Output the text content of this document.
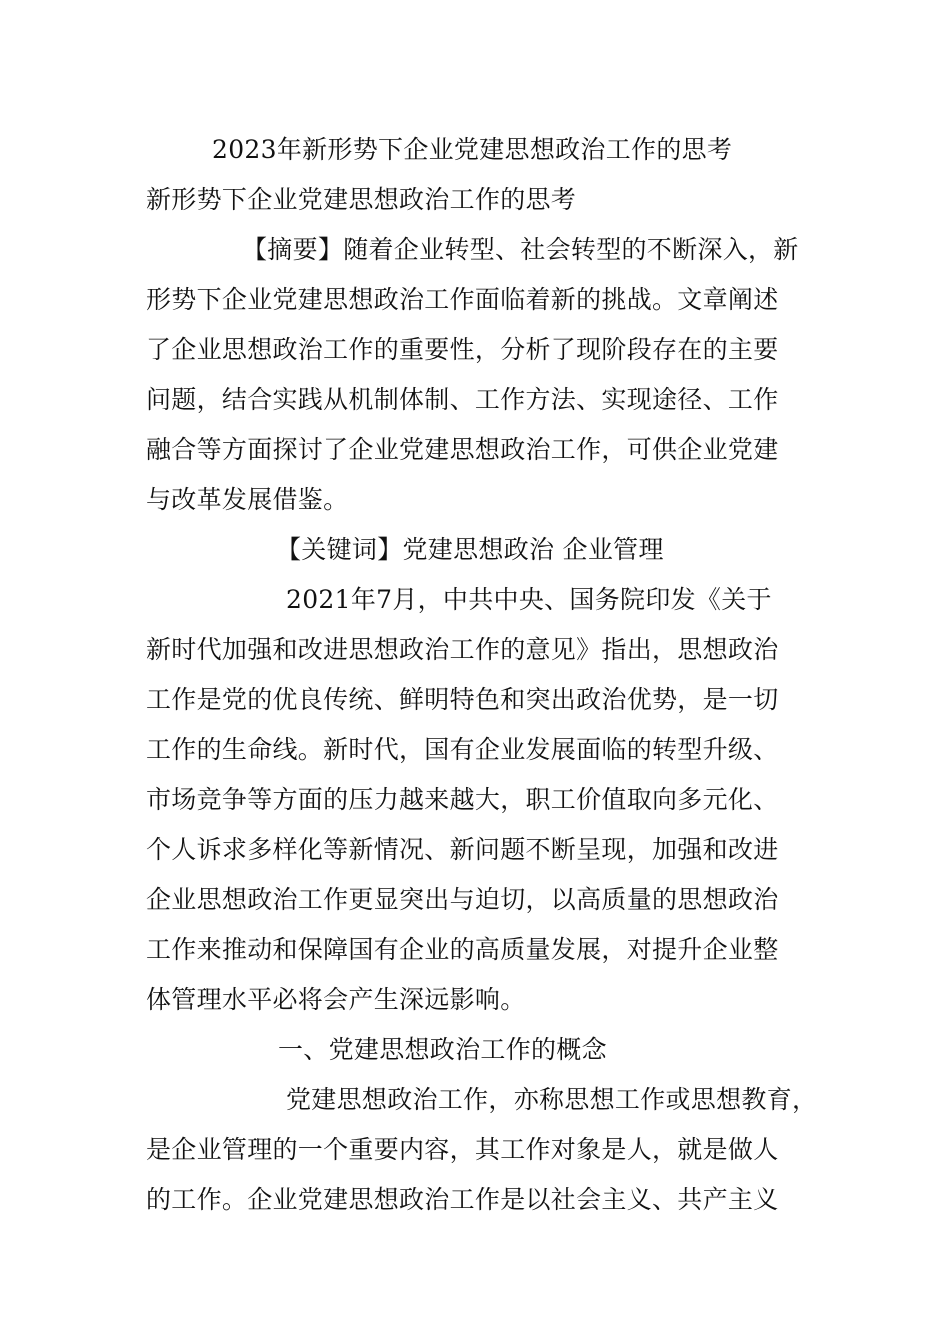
2023年新形势下企业党建思想政治工作的思考
新形势下企业党建思想政治工作的思考
【摘要】随着企业转型、社会转型的不断深入，新
形势下企业党建思想政治工作面临着新的挑战。文章阐述
了企业思想政治工作的重要性，分析了现阶段存在的主要
问题，结合实践从机制体制、工作方法、实现途径、工作
融合等方面探讨了企业党建思想政治工作，可供企业党建
与改革发展借鉴。
【关键词】党建思想政治 企业管理
2021年7月，中共中央、国务院印发《关于
新时代加强和改进思想政治工作的意见》指出，思想政治
工作是党的优良传统、鲜明特色和突出政治优势，是一切
工作的生命线。新时代，国有企业发展面临的转型升级、
市场竞争等方面的压力越来越大，职工价值取向多元化、
个人诉求多样化等新情况、新问题不断呈现，加强和改进
企业思想政治工作更显突出与迫切，以高质量的思想政治
工作来推动和保障国有企业的高质量发展，对提升企业整
体管理水平必将会产生深远影响。
一、党建思想政治工作的概念
党建思想政治工作，亦称思想工作或思想教育，
是企业管理的一个重要内容，其工作对象是人，就是做人
的工作。企业党建思想政治工作是以社会主义、共产主义
